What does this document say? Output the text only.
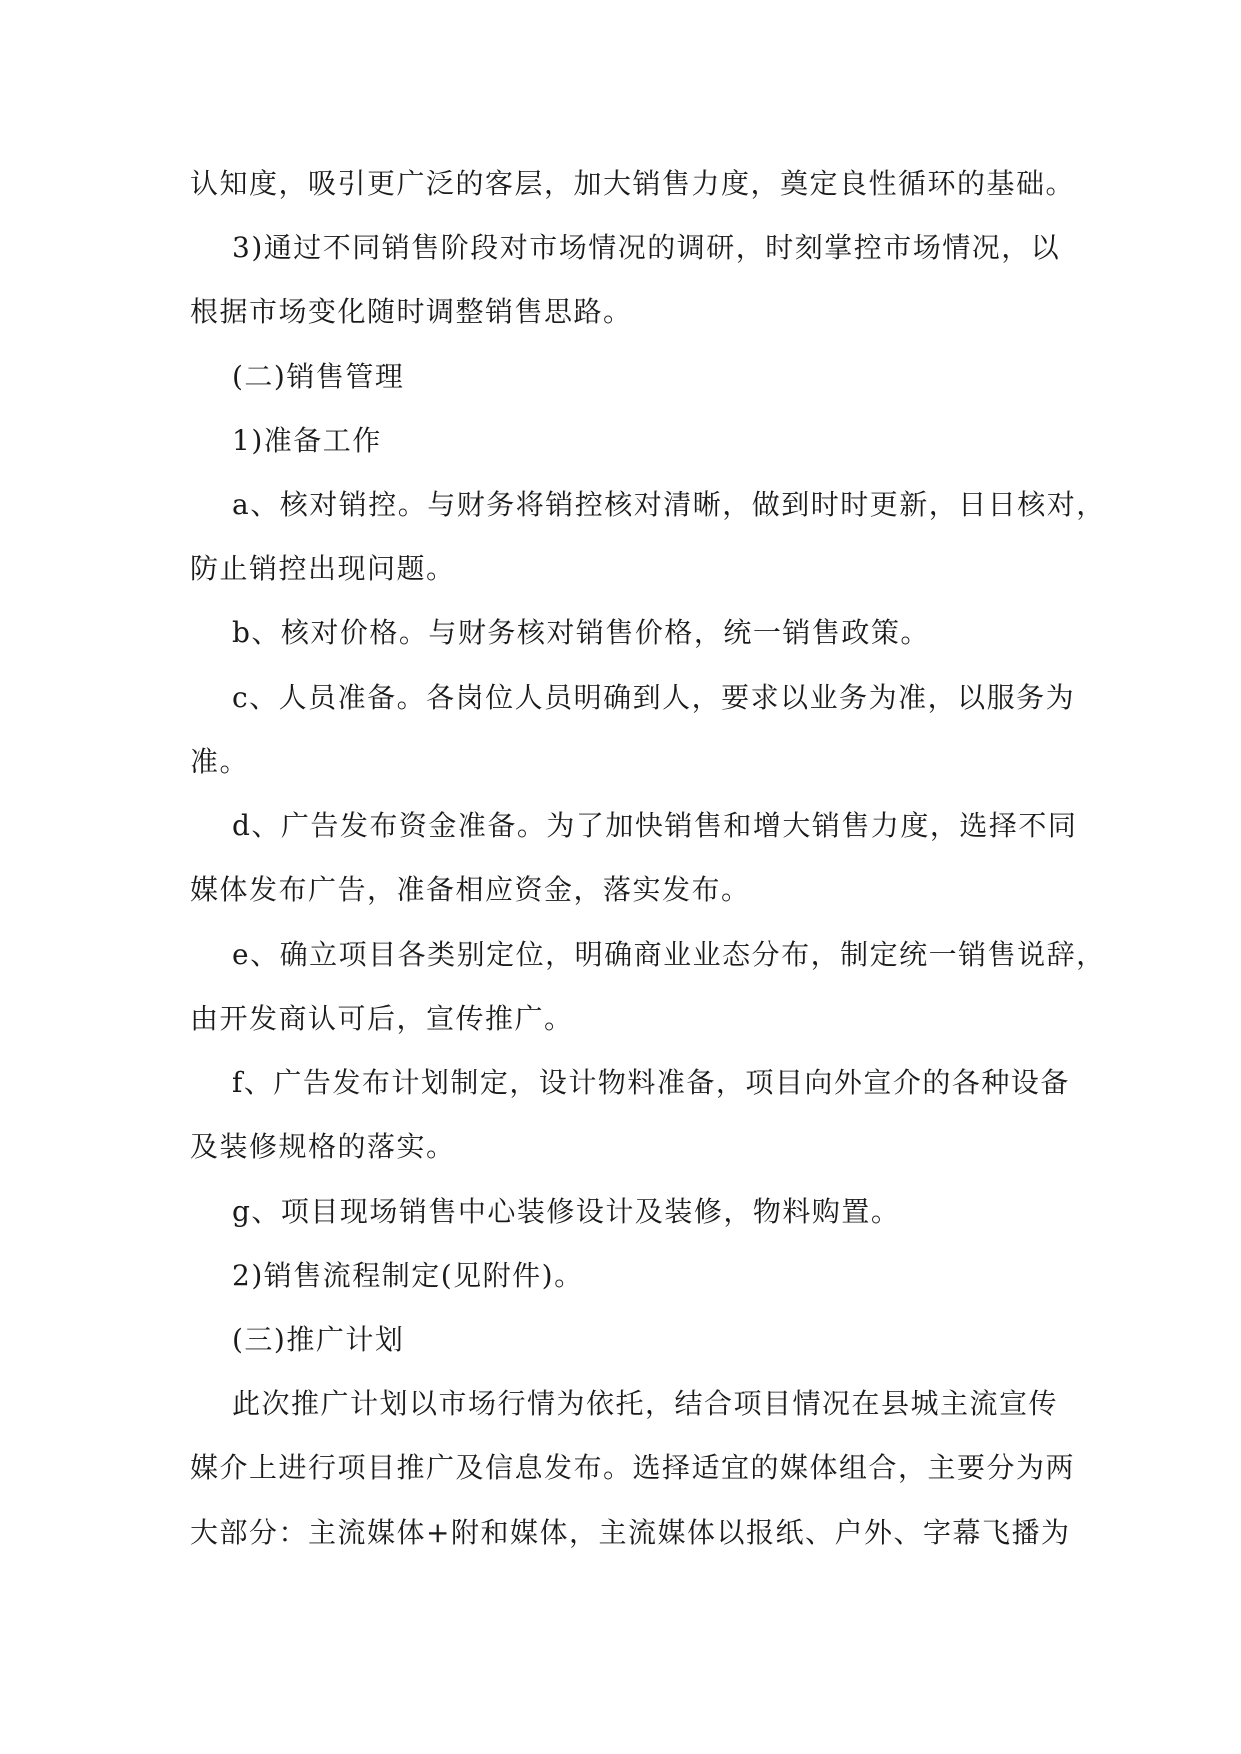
认知度，吸引更广泛的客层，加大销售力度，奠定良性循环的基础。
3)通过不同销售阶段对市场情况的调研，时刻掌控市场情况，以
根据市场变化随时调整销售思路。
(二)销售管理
1)准备工作
a、核对销控。与财务将销控核对清晰，做到时时更新，日日核对，
防止销控出现问题。
b、核对价格。与财务核对销售价格，统一销售政策。
c、人员准备。各岗位人员明确到人，要求以业务为准，以服务为
准。
d、广告发布资金准备。为了加快销售和增大销售力度，选择不同
媒体发布广告，准备相应资金，落实发布。
e、确立项目各类别定位，明确商业业态分布，制定统一销售说辞，
由开发商认可后，宣传推广。
f、广告发布计划制定，设计物料准备，项目向外宣介的各种设备
及装修规格的落实。
g、项目现场销售中心装修设计及装修，物料购置。
2)销售流程制定(见附件)。
(三)推广计划
此次推广计划以市场行情为依托，结合项目情况在县城主流宣传
媒介上进行项目推广及信息发布。选择适宜的媒体组合，主要分为两
大部分：主流媒体+附和媒体，主流媒体以报纸、户外、字幕飞播为
